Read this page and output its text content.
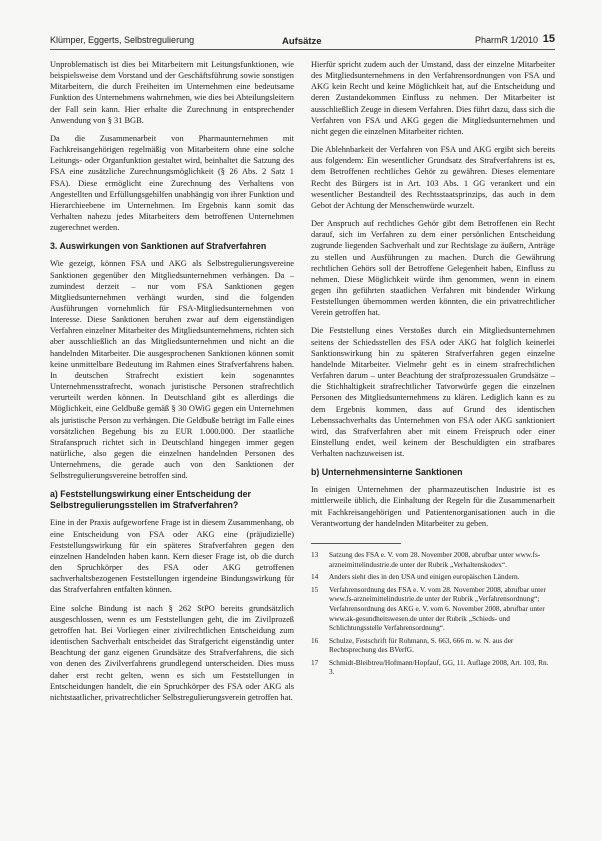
Klümper, Eggerts, Selbstregulierung	Aufsätze	PharmR 1/2010 15

Unproblematisch ist dies bei Mitarbeitern mit Leitungsfunktionen, wie beispielsweise dem Vorstand und der Geschäftsführung sowie sonstigen Mitarbeitern, die durch Freiheiten im Unternehmen eine bedeutsame Funktion des Unternehmens wahrnehmen, wie dies bei Abteilungsleitern der Fall sein kann. Hier erhalte die Zurechnung in entsprechender Anwendung von § 31 BGB.

Da die Zusammenarbeit von Pharmaunternehmen mit Fachkreisangehörigen regelmäßig von Mitarbeitern ohne eine solche Leitungs- oder Organfunktion gestaltet wird, beinhaltet die Satzung des FSA eine zusätzliche Zurechnungsmöglichkeit (§ 26 Abs. 2 Satz 1 FSA). Diese ermöglicht eine Zurechnung des Verhaltens von Angestellten und Erfüllungsgehilfen unabhängig von ihrer Funktion und Hierarchieebene im Unternehmen. Im Ergebnis kann somit das Verhalten nahezu jedes Mitarbeiters dem betroffenen Unternehmen zugerechnet werden.

3. Auswirkungen von Sanktionen auf Strafverfahren

Wie gezeigt, können FSA und AKG als Selbstregulierungsvereine Sanktionen gegenüber den Mitgliedsunternehmen verhängen. Da – zumindest derzeit – nur vom FSA Sanktionen gegen Mitgliedsunternehmen verhängt wurden, sind die folgenden Ausführungen vornehmlich für FSA-Mitgliedsunternehmen von Interesse. Diese Sanktionen beruhen zwar auf dem eigenständigen Verfahren einzelner Mitarbeiter des Mitgliedsunternehmens, richten sich aber ausschließlich an das Mitgliedsunternehmen und nicht an die handelnden Mitarbeiter. Die ausgesprochenen Sanktionen können somit keine unmittelbare Bedeutung im Rahmen eines Strafverfahrens haben. In deutschen Strafrecht existiert kein sogenanntes Unternehmensstrafrecht, wonach juristische Personen strafrechtlich verurteilt werden können. In Deutschland gibt es allerdings die Möglichkeit, eine Geldbuße gemäß § 30 OWiG gegen ein Unternehmen als juristische Person zu verhängen. Die Geldbuße beträgt im Falle eines vorsätzlichen Begehung bis zu EUR 1.000.000. Der staatliche Strafanspruch richtet sich in Deutschland hingegen immer gegen natürliche, also gegen die einzelnen handelnden Personen des Unternehmens, die gerade auch von den Sanktionen der Selbstregulierungsvereine betroffen sind.

a) Feststellungswirkung einer Entscheidung der Selbstregulierungsstellen im Strafverfahren?

Eine in der Praxis aufgeworfene Frage ist in diesem Zusammenhang, ob eine Entscheidung von FSA oder AKG eine (präjudizielle) Feststellungswirkung für ein späteres Strafverfahren gegen den einzelnen Handelnden haben kann. Kern dieser Frage ist, ob die durch den Spruchkörper des FSA oder AKG getroffenen sachverhaltsbezogenen Feststellungen irgendeine Bindungswirkung für das Strafverfahren entfalten können.

Eine solche Bindung ist nach § 262 StPO bereits grundsätzlich ausgeschlossen, wenn es um Feststellungen geht, die im Zivilprozeß getroffen hat. Bei Vorliegen einer zivilrechtlichen Entscheidung zum identischen Sachverhalt entscheidet das Strafgericht eigenständig unter Beachtung der ganz eigenen Grundsätze des Strafverfahrens, die sich von denen des Zivilverfahrens grundlegend unterscheiden. Dies muss daher erst recht gelten, wenn es sich um Feststellungen in Entscheidungen handelt, die ein Spruchkörper des FSA oder AKG als nichtstaatlicher, privatrechtlicher Selbstregulierungsverein getroffen hat.

Hierfür spricht zudem auch der Umstand, dass der einzelne Mitarbeiter des Mitgliedsunternehmens in den Verfahrensordnungen von FSA und AKG kein Recht und keine Möglichkeit hat, auf die Entscheidung und deren Zustandekommen Einfluss zu nehmen. Der Mitarbeiter ist ausschließlich Zeuge in diesem Verfahren. Dies führt dazu, dass sich die Verfahren von FSA und AKG gegen die Mitgliedsunternehmen und nicht gegen die einzelnen Mitarbeiter richten.

Die Ablehnbarkeit der Verfahren von FSA und AKG ergibt sich bereits aus folgendem: Ein wesentlicher Grundsatz des Strafverfahrens ist es, dem Betroffenen rechtliches Gehör zu gewähren. Dieses elementare Recht des Bürgers ist in Art. 103 Abs. 1 GG verankert und ein wesentlicher Bestandteil des Rechtsstaatsprinzips, das auch in dem Gebot der Achtung der Menschenwürde wurzelt.

Der Anspruch auf rechtliches Gehör gibt dem Betroffenen ein Recht darauf, sich im Verfahren zu dem einer persönlichen Entscheidung zugrunde liegenden Sachverhalt und zur Rechtslage zu äußern, Anträge zu stellen und Ausführungen zu machen. Durch die Gewährung rechtlichen Gehörs soll der Betroffene Gelegenheit haben, Einfluss zu nehmen. Diese Möglichkeit würde ihm genommen, wenn in einem gegen ihn geführten staatlichen Verfahren mit bindender Wirkung Feststellungen übernommen werden könnten, die ein privatrechtlicher Verein getroffen hat.

Die Feststellung eines Verstoßes durch ein Mitgliedsunternehmen seitens der Schiedsstellen des FSA oder AKG hat folglich keinerlei Sanktionswirkung hin zu späteren Strafverfahren gegen einzelne handelnde Mitarbeiter. Vielmehr geht es in einem strafrechtlichen Verfahren darum – unter Beachtung der strafprozessualen Grundsätze – die Stichhaltigkeit strafrechtlicher Tatvorwürfe gegen die einzelnen Personen des Mitgliedsunternehmens zu klären. Lediglich kann es zu dem Ergebnis kommen, dass auf Grund des identischen Lebenssachverhalts das Unternehmen von FSA oder AKG sanktioniert wird, das Strafverfahren aber mit einem Freispruch oder einer Einstellung endet, weil keinem der Beschuldigten ein strafbares Verhalten nachzuweisen ist.

b) Unternehmensinterne Sanktionen

In einigen Unternehmen der pharmazeutischen Industrie ist es mittlerweile üblich, die Einhaltung der Regeln für die Zusammenarbeit mit Fachkreisangehörigen und Patientenorganisationen auch in die Verantwortung der handelnden Mitarbeiter zu geben.

13	Satzung des FSA e. V. vom 28. November 2008, abrufbar unter www.fs-arzneimittelindustrie.de unter der Rubrik „Verhaltenskodex“.
14	Anders sieht dies in den USA und einigen europäischen Ländern.
15	Verfahrensordnung des FSA e. V. vom 28. November 2008, abrufbar unter www.fs-arzneimittelindustrie.de unter der Rubrik „Verfahrensordnung“; Verfahrensordnung des AKG e. V. vom 6. November 2008, abrufbar unter www.ak-gesundheitswesen.de unter der Rubrik „Schieds- und Schlichtungsstelle Verfahrensordnung“.
16	Schulze, Festschrift für Rohmann, S. 663, 666 m. w. N. aus der Rechtsprechung des BVerfG.
17	Schmidt-Bleibtreu/Hofmann/Hopfauf, GG, 11. Auflage 2008, Art. 103, Rn. 3.
